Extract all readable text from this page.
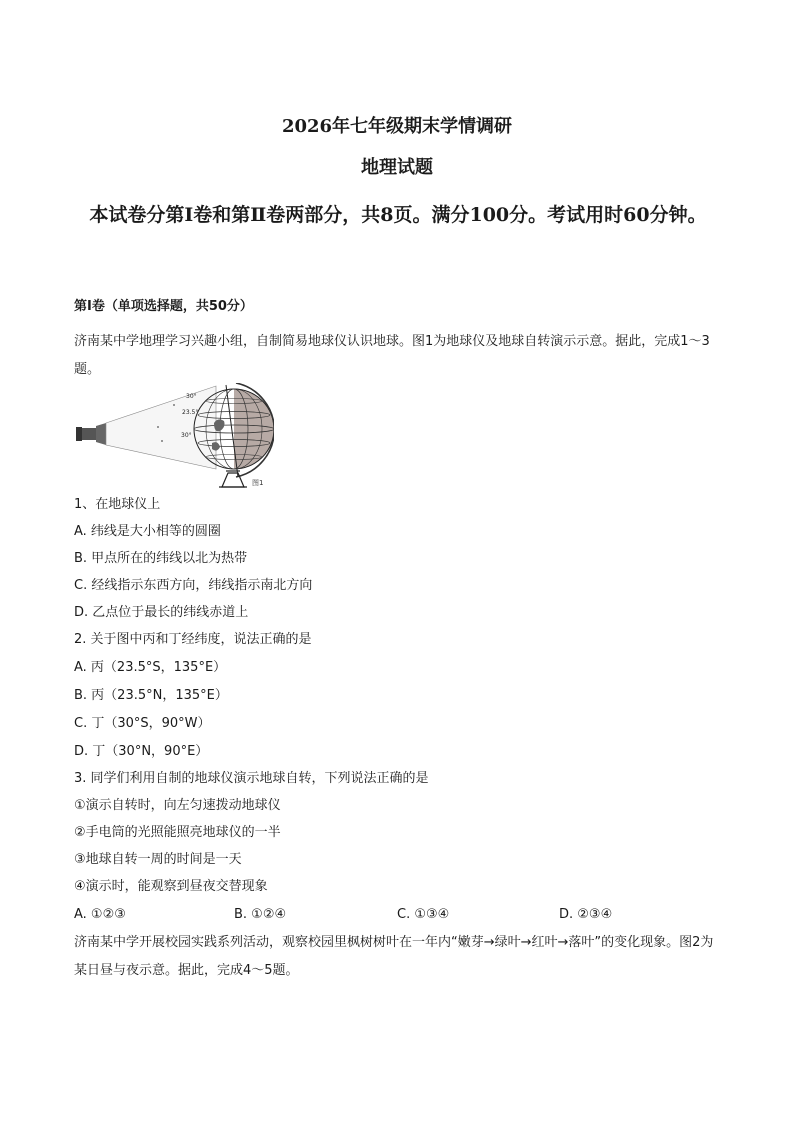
2026年七年级期末学情调研
地理试题
本试卷分第Ⅰ卷和第Ⅱ卷两部分，共8页。满分100分。考试用时60分钟。
第Ⅰ卷（单项选择题，共50分）
济南某中学地理学习兴趣小组，自制简易地球仪认识地球。图1为地球仪及地球自转演示示意。据此，完成1～3题。
30°
23.5°
30°
图1
1、在地球仪上
A. 纬线是大小相等的圆圈
B. 甲点所在的纬线以北为热带
C. 经线指示东西方向，纬线指示南北方向
D. 乙点位于最长的纬线赤道上
2. 关于图中丙和丁经纬度，说法正确的是
A. 丙（23.5°S，135°E）
B. 丙（23.5°N，135°E）
C. 丁（30°S，90°W）
D. 丁（30°N，90°E）
3. 同学们利用自制的地球仪演示地球自转，下列说法正确的是
①演示自转时，向左匀速拨动地球仪
②手电筒的光照能照亮地球仪的一半
③地球自转一周的时间是一天
④演示时，能观察到昼夜交替现象
A. ①②③	B. ①②④	C. ①③④	D. ②③④
济南某中学开展校园实践系列活动，观察校园里枫树树叶在一年内“嫩芽→绿叶→红叶→落叶”的变化现象。图2为某日昼与夜示意。据此，完成4～5题。
